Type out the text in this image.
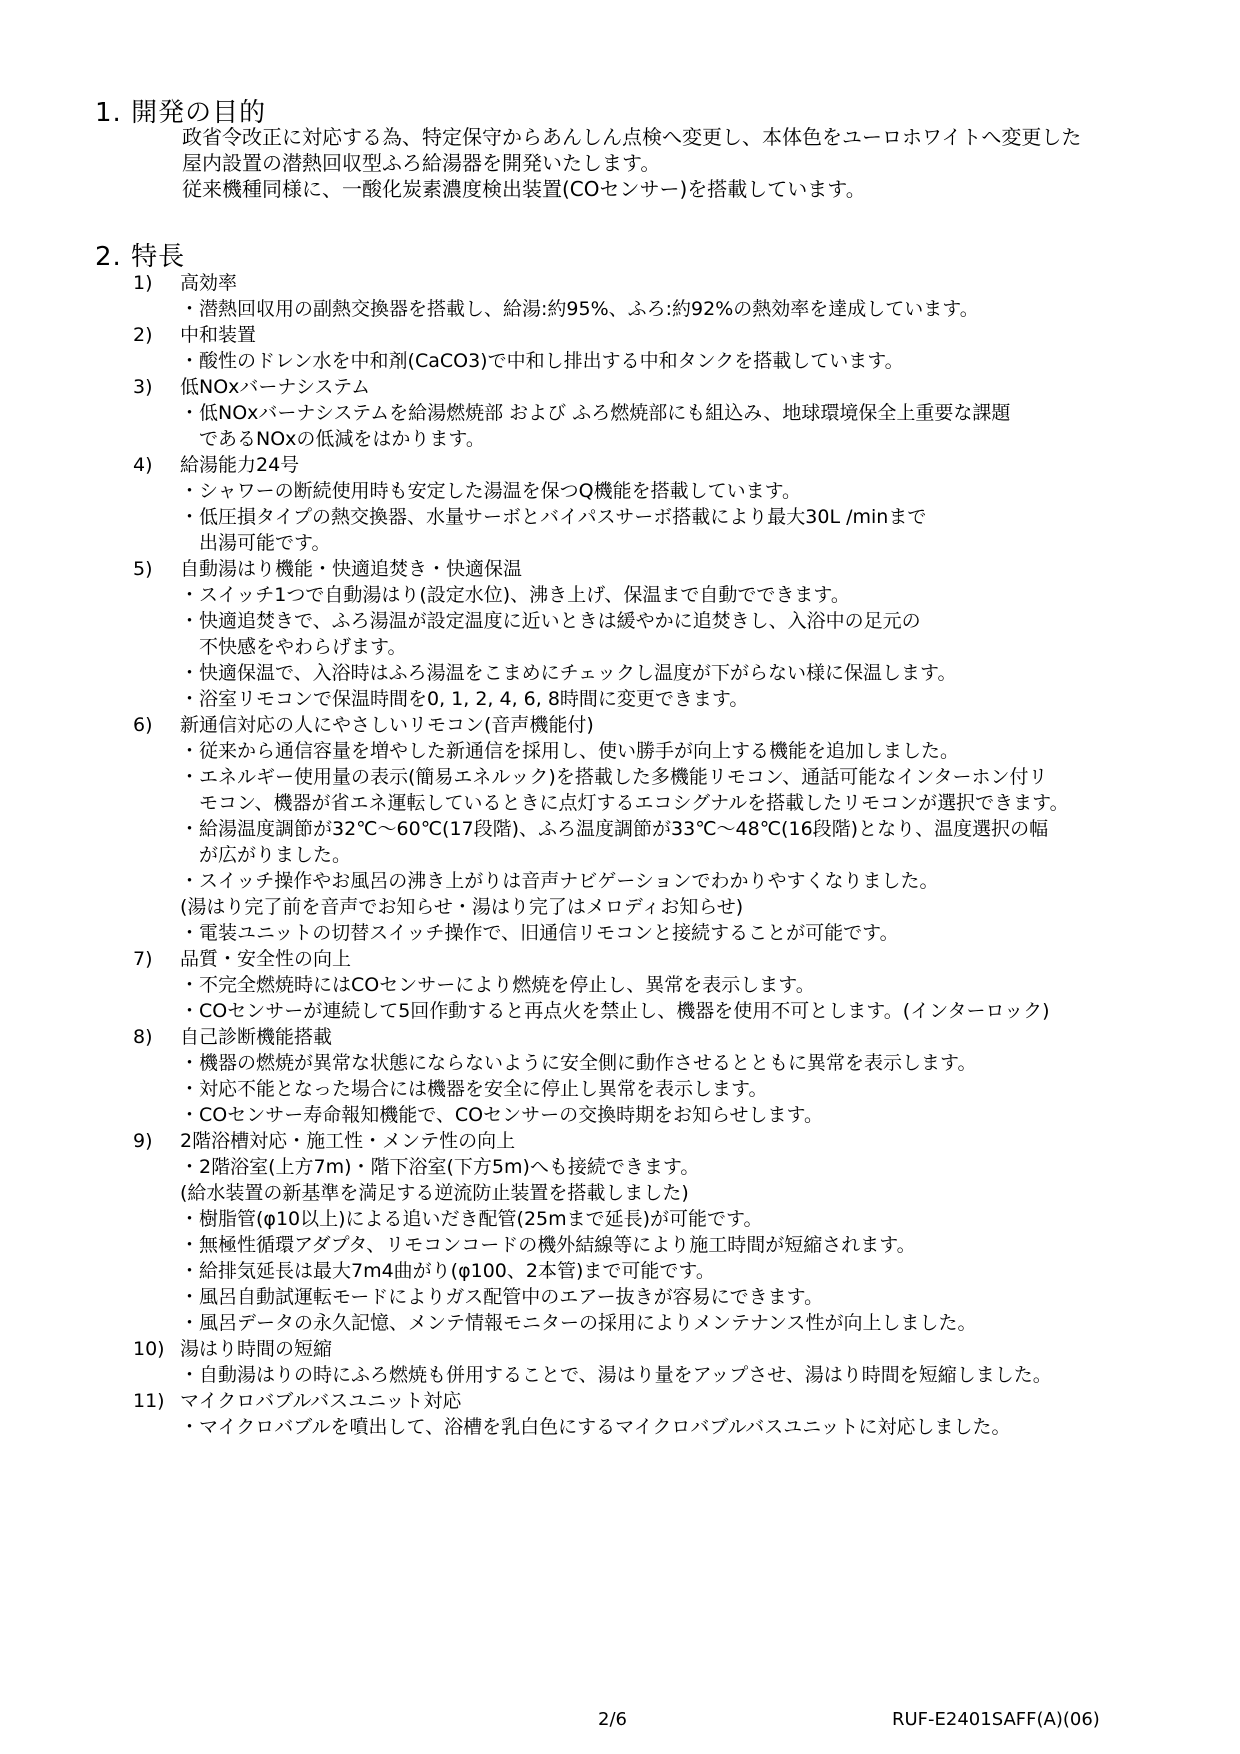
1. 開発の目的
政省令改正に対応する為、特定保守からあんしん点検へ変更し、本体色をユーロホワイトへ変更した
屋内設置の潜熱回収型ふろ給湯器を開発いたします。
従来機種同様に、一酸化炭素濃度検出装置(COセンサー)を搭載しています。
2. 特長
1)	高効率
・潜熱回収用の副熱交換器を搭載し、給湯:約95%、ふろ:約92%の熱効率を達成しています。
2)	中和装置
・酸性のドレン水を中和剤(CaCO3)で中和し排出する中和タンクを搭載しています。
3)	低NOxバーナシステム
・低NOxバーナシステムを給湯燃焼部 および ふろ燃焼部にも組込み、地球環境保全上重要な課題
　であるNOxの低減をはかります。
4)	給湯能力24号
・シャワーの断続使用時も安定した湯温を保つQ機能を搭載しています。
・低圧損タイプの熱交換器、水量サーボとバイパスサーボ搭載により最大30L /minまで
　出湯可能です。
5)	自動湯はり機能・快適追焚き・快適保温
・スイッチ1つで自動湯はり(設定水位)、沸き上げ、保温まで自動でできます。
・快適追焚きで、ふろ湯温が設定温度に近いときは緩やかに追焚きし、入浴中の足元の
　不快感をやわらげます。
・快適保温で、入浴時はふろ湯温をこまめにチェックし温度が下がらない様に保温します。
・浴室リモコンで保温時間を0, 1, 2, 4, 6, 8時間に変更できます。
6)	新通信対応の人にやさしいリモコン(音声機能付)
・従来から通信容量を増やした新通信を採用し、使い勝手が向上する機能を追加しました。
・エネルギー使用量の表示(簡易エネルック)を搭載した多機能リモコン、通話可能なインターホン付リ
　モコン、機器が省エネ運転しているときに点灯するエコシグナルを搭載したリモコンが選択できます。
・給湯温度調節が32℃～60℃(17段階)、ふろ温度調節が33℃～48℃(16段階)となり、温度選択の幅
　が広がりました。
・スイッチ操作やお風呂の沸き上がりは音声ナビゲーションでわかりやすくなりました。
(湯はり完了前を音声でお知らせ・湯はり完了はメロディお知らせ)
・電装ユニットの切替スイッチ操作で、旧通信リモコンと接続することが可能です。
7)	品質・安全性の向上
・不完全燃焼時にはCOセンサーにより燃焼を停止し、異常を表示します。
・COセンサーが連続して5回作動すると再点火を禁止し、機器を使用不可とします。(インターロック)
8)	自己診断機能搭載
・機器の燃焼が異常な状態にならないように安全側に動作させるとともに異常を表示します。
・対応不能となった場合には機器を安全に停止し異常を表示します。
・COセンサー寿命報知機能で、COセンサーの交換時期をお知らせします。
9)	2階浴槽対応・施工性・メンテ性の向上
・2階浴室(上方7m)・階下浴室(下方5m)へも接続できます。
(給水装置の新基準を満足する逆流防止装置を搭載しました)
・樹脂管(φ10以上)による追いだき配管(25mまで延長)が可能です。
・無極性循環アダプタ、リモコンコードの機外結線等により施工時間が短縮されます。
・給排気延長は最大7m4曲がり(φ100、2本管)まで可能です。
・風呂自動試運転モードによりガス配管中のエアー抜きが容易にできます。
・風呂データの永久記憶、メンテ情報モニターの採用によりメンテナンス性が向上しました。
10) 湯はり時間の短縮
・自動湯はりの時にふろ燃焼も併用することで、湯はり量をアップさせ、湯はり時間を短縮しました。
11) マイクロバブルバスユニット対応
・マイクロバブルを噴出して、浴槽を乳白色にするマイクロバブルバスユニットに対応しました。
2/6	RUF-E2401SAFF(A)(06)
